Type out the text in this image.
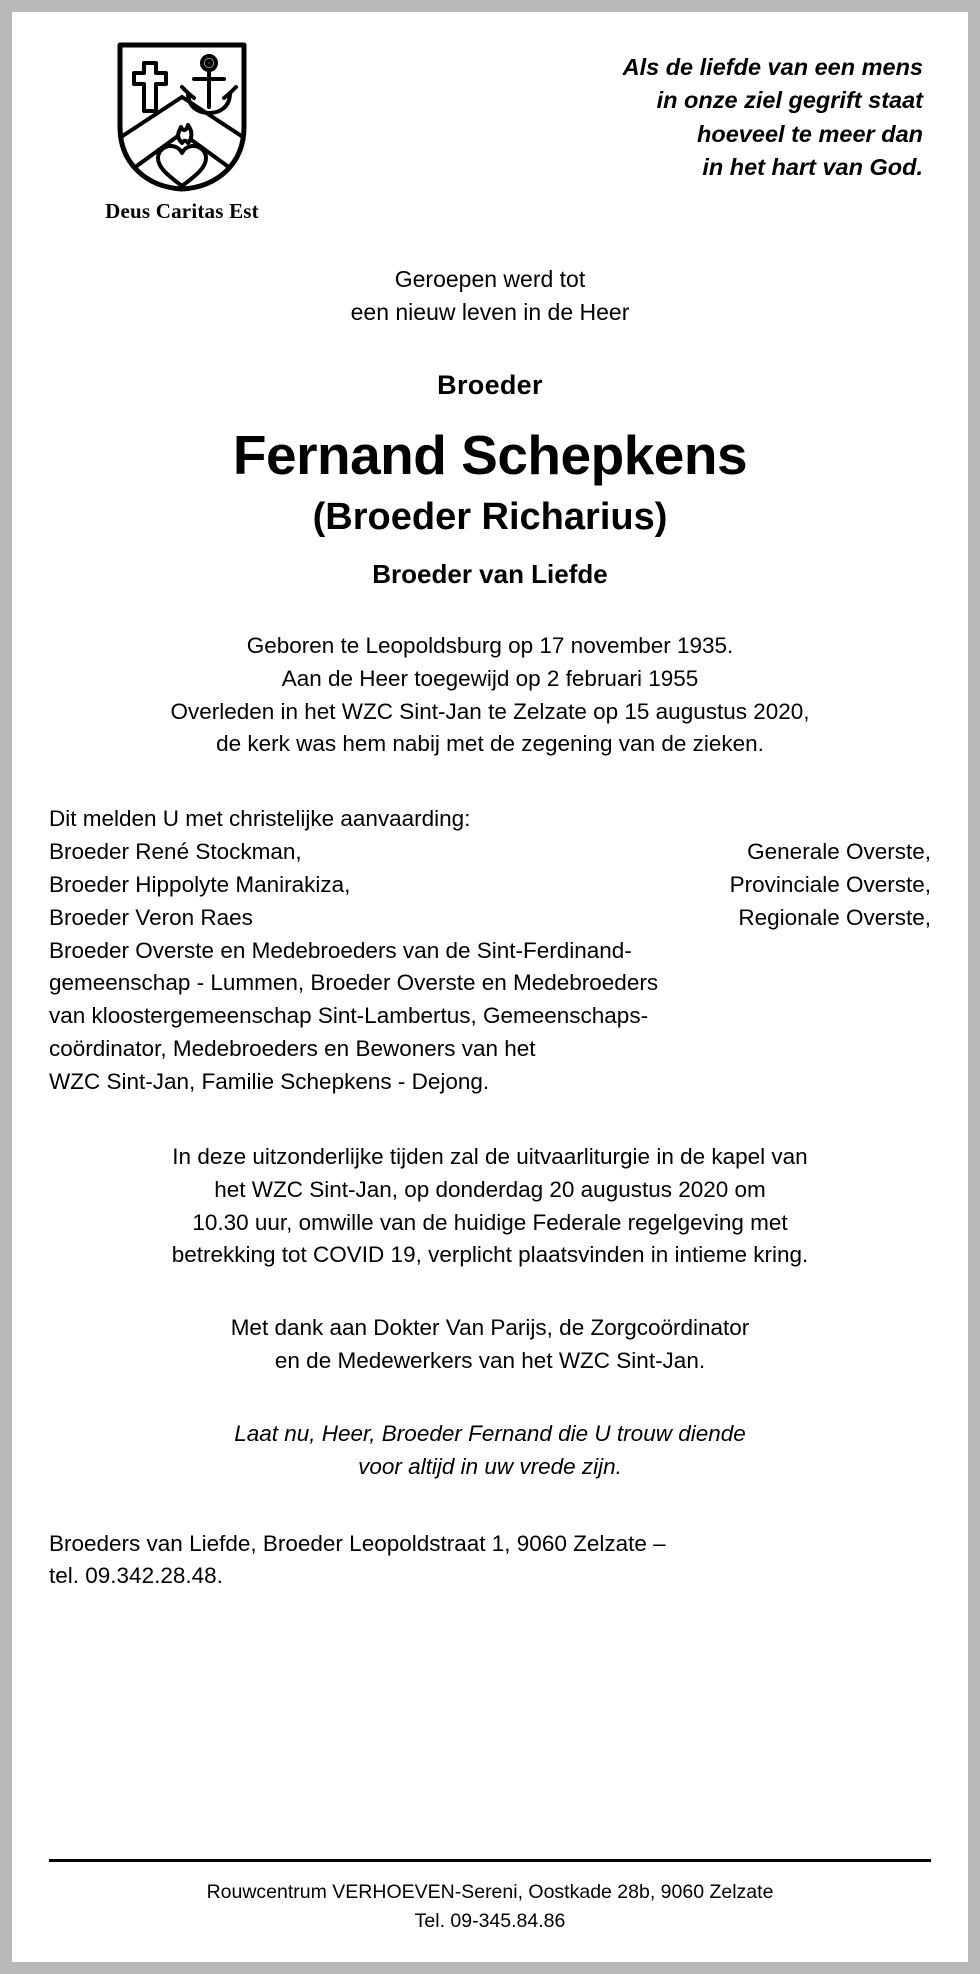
Deus Caritas Est
Als de liefde van een mens
in onze ziel gegrift staat
hoeveel te meer dan
in het hart van God.
Geroepen werd tot
een nieuw leven in de Heer
Broeder
Fernand Schepkens
(Broeder Richarius)
Broeder van Liefde
Geboren te Leopoldsburg op 17 november 1935.
Aan de Heer toegewijd op 2 februari 1955
Overleden in het WZC Sint-Jan te Zelzate op 15 augustus 2020,
de kerk was hem nabij met de zegening van de zieken.
Dit melden U met christelijke aanvaarding:
Broeder René Stockman,	Generale Overste,
Broeder Hippolyte Manirakiza,	Provinciale Overste,
Broeder Veron Raes	Regionale Overste,
Broeder Overste en Medebroeders van de Sint-Ferdinand-
gemeenschap - Lummen, Broeder Overste en Medebroeders
van kloostergemeenschap Sint-Lambertus, Gemeenschaps-
coördinator, Medebroeders en Bewoners van het
WZC Sint-Jan, Familie Schepkens - Dejong.
In deze uitzonderlijke tijden zal de uitvaarliturgie in de kapel van
het WZC Sint-Jan, op donderdag 20 augustus 2020 om
10.30 uur, omwille van de huidige Federale regelgeving met
betrekking tot COVID 19, verplicht plaatsvinden in intieme kring.
Met dank aan Dokter Van Parijs, de Zorgcoördinator
en de Medewerkers van het WZC Sint-Jan.
Laat nu, Heer, Broeder Fernand die U trouw diende
voor altijd in uw vrede zijn.
Broeders van Liefde, Broeder Leopoldstraat 1, 9060 Zelzate –
tel. 09.342.28.48.
Rouwcentrum VERHOEVEN-Sereni, Oostkade 28b, 9060 Zelzate
Tel. 09-345.84.86
